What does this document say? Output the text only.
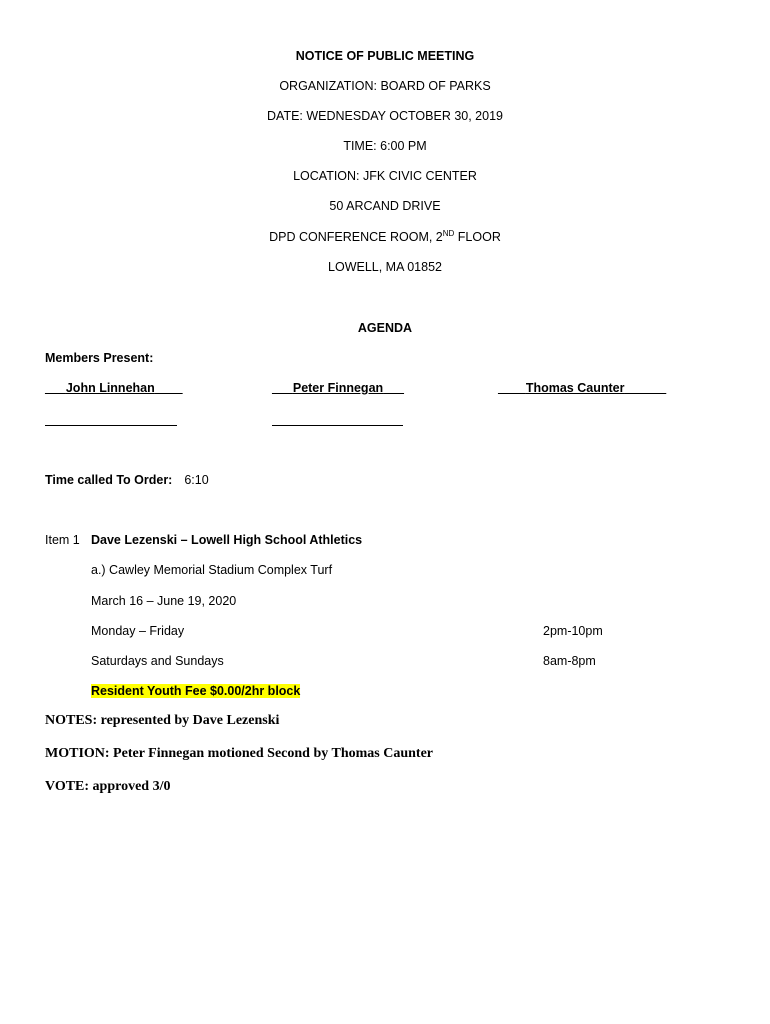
NOTICE OF PUBLIC MEETING
ORGANIZATION: BOARD OF PARKS
DATE: WEDNESDAY OCTOBER 30, 2019
TIME: 6:00 PM
LOCATION: JFK CIVIC CENTER
50 ARCAND DRIVE
DPD CONFERENCE ROOM, 2ND FLOOR
LOWELL, MA 01852
AGENDA
Members Present:
___John Linnehan____	___Peter Finnegan___	____Thomas Caunter______
Time called To Order: 6:10
Item 1 Dave Lezenski – Lowell High School Athletics
a.) Cawley Memorial Stadium Complex Turf
March 16 – June 19, 2020
Monday – Friday	2pm-10pm
Saturdays and Sundays	8am-8pm
Resident Youth Fee $0.00/2hr block
NOTES: represented by Dave Lezenski
MOTION: Peter Finnegan motioned Second by Thomas Caunter
VOTE: approved 3/0
